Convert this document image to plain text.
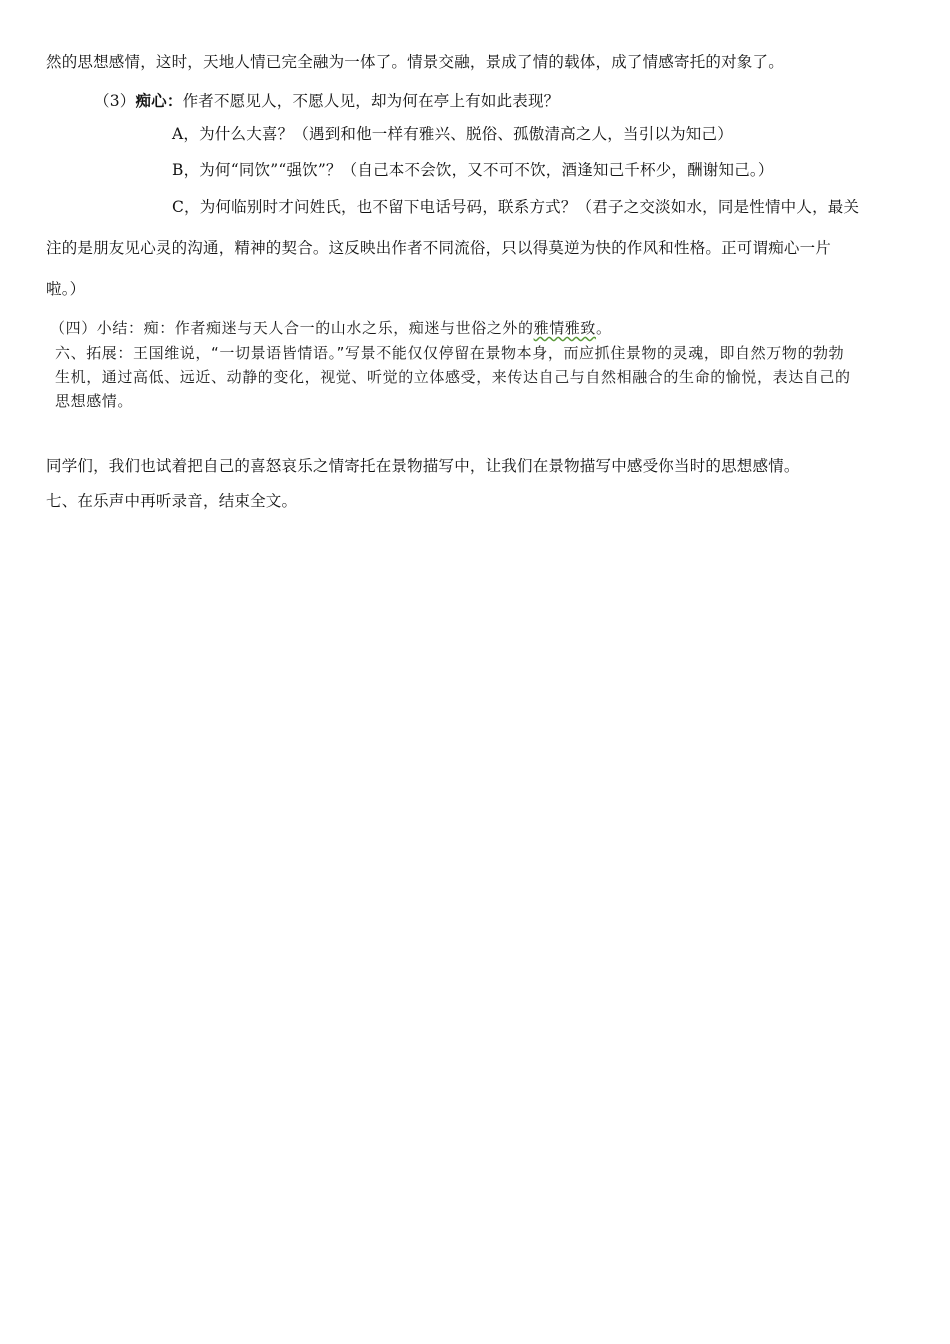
然的思想感情，这时，天地人情已完全融为一体了。情景交融，景成了情的载体，成了情感寄托的对象了。
（3）痴心：作者不愿见人，不愿人见，却为何在亭上有如此表现？
A，为什么大喜？（遇到和他一样有雅兴、脱俗、孤傲清高之人，当引以为知己）
B，为何“同饮”“强饮”？（自己本不会饮，又不可不饮，酒逢知己千杯少，酬谢知己。）
C，为何临别时才问姓氏，也不留下电话号码，联系方式？（君子之交淡如水，同是性情中人，最关
注的是朋友见心灵的沟通，精神的契合。这反映出作者不同流俗，只以得莫逆为快的作风和性格。正可谓痴心一片
啦。）
（四）小结：痴：作者痴迷与天人合一的山水之乐，痴迷与世俗之外的雅情雅致。
六、拓展：王国维说，“一切景语皆情语。”写景不能仅仅停留在景物本身，而应抓住景物的灵魂，即自然万物的勃勃
生机，通过高低、远近、动静的变化，视觉、听觉的立体感受，来传达自己与自然相融合的生命的愉悦，表达自己的
思想感情。
同学们，我们也试着把自己的喜怒哀乐之情寄托在景物描写中，让我们在景物描写中感受你当时的思想感情。
七、在乐声中再听录音，结束全文。
